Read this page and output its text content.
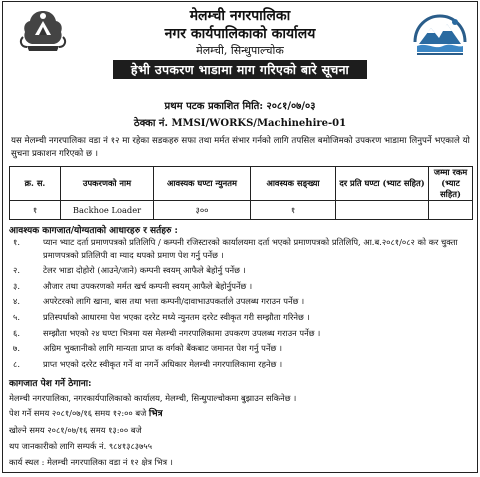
मेलम्ची नगरपालिका
नगर कार्यपालिकाको कार्यालय
मेलम्ची, सिन्धुपाल्चोक
हेभी उपकरण भाडामा माग गरिएको बारे सूचना
प्रथम पटक प्रकाशित मिति: २०८१/०७/०३
ठेक्का नं. MMSI/WORKS/Machinehire-01
यस मेलम्ची नगरपालिका वडा नं १२ मा रहेका सडकहरु सफा तथा मर्मत संभार गर्नको लागि तपसिल बमोजिमको उपकरण भाडामा लिनुपर्ने भएकाले यो सुचना प्रकाशन गरिएको छ ।
क्र. स.	उपकरणको नाम	आवस्यक घण्टा न्युनतम	आवस्यक सङ्ख्या	दर प्रति घण्टा (भ्याट सहित)	जम्मा रकम (भ्याट सहित)
१	Backhoe Loader	३००	१		
आवश्यक कागजात/योग्यताको आधारहरु र सर्तहरु :
१.	प्यान भ्याट दर्ता प्रमाणपत्रको प्रतिलिपि / कम्पनी रजिस्टारको कार्यालयमा दर्ता भएको प्रमाणपत्रको प्रतिलिपि, आ.ब.२०८१/०८२ को कर चुक्ता प्रमाणपत्रको प्रतिलिपी वा म्याद थपको प्रमाण पेश गर्नु पर्नेछ ।
२.	टेलर भाडा दोहोरो (आउने/जाने) कम्पनी स्वयम् आफैले बेहोर्नु पर्नेछ ।
३.	औजार तथा उपकरणको मर्मत खर्च कम्पनी स्वयम् आफैले बेहोर्नुपर्नेछ ।
४.	अपरेटरको लागि खाना, बास तथा भत्ता कम्पनी/दावाभाउपकर्ताले उपलब्ध गराउन पर्नेछ ।
५.	प्रतिस्पर्धाको आधारमा पेश भएका दररेट मध्ये न्युनतम दररेट स्वीकृत गरी सम्झौता गरिनेछ ।
६.	सम्झौता भएको २४ घण्टा भित्रमा यस मेलम्ची नगरपालिकामा उपकरण उपलब्ध गराउन पर्नेछ ।
७.	अग्रिम भुक्तानीको लागि मान्यता प्राप्त क वर्गको बैंकबाट जमानत पेश गर्नु पर्नेछ ।
८.	प्राप्त भएको दररेट स्वीकृत गर्ने वा नगर्ने अधिकार मेलम्ची नगरपालिकामा रहनेछ ।
कागजात पेश गर्ने ठेगाना:
मेलम्ची नगरपालिका, नगरकार्यपालिकाको कार्यालय, मेलम्ची, सिन्धुपाल्चोकमा बुझाउन सकिनेछ ।
पेश गर्ने समय २०८१/०७/१६ समय १२:०० बजे भित्र
खोल्ने समय २०८१/०७/१६ समय १३:०० बजे
थप जानकारीको लागि सम्पर्क नं. ९८४१३८३७५५
कार्य स्थल : मेलम्ची नगरपालिका वडा नं १२ क्षेत्र भित्र ।
